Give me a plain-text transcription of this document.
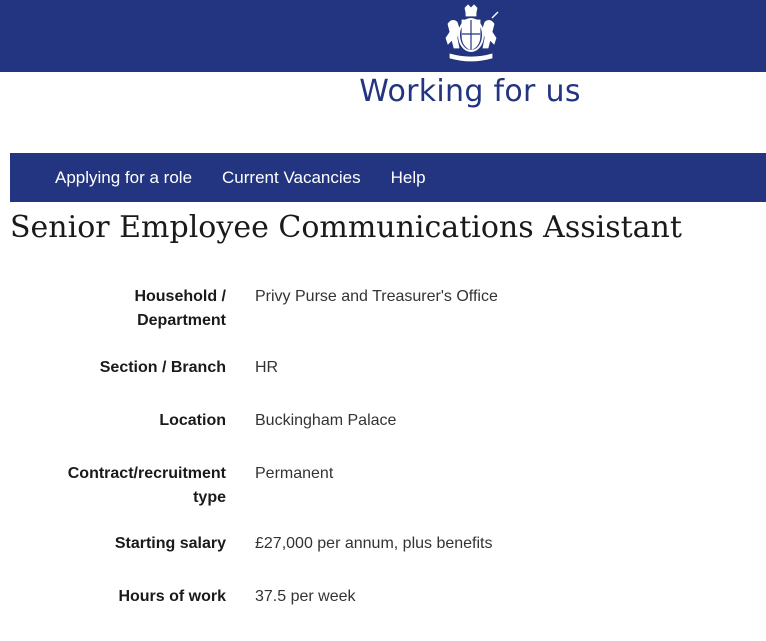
Working for us
Applying for a role Current Vacancies Help
Senior Employee Communications Assistant
Household / Department
Privy Purse and Treasurer's Office
Section / Branch HR
Location Buckingham Palace
Contract/recruitment type
Permanent
Starting salary £27,000 per annum, plus benefits
Hours of work 37.5 per week
